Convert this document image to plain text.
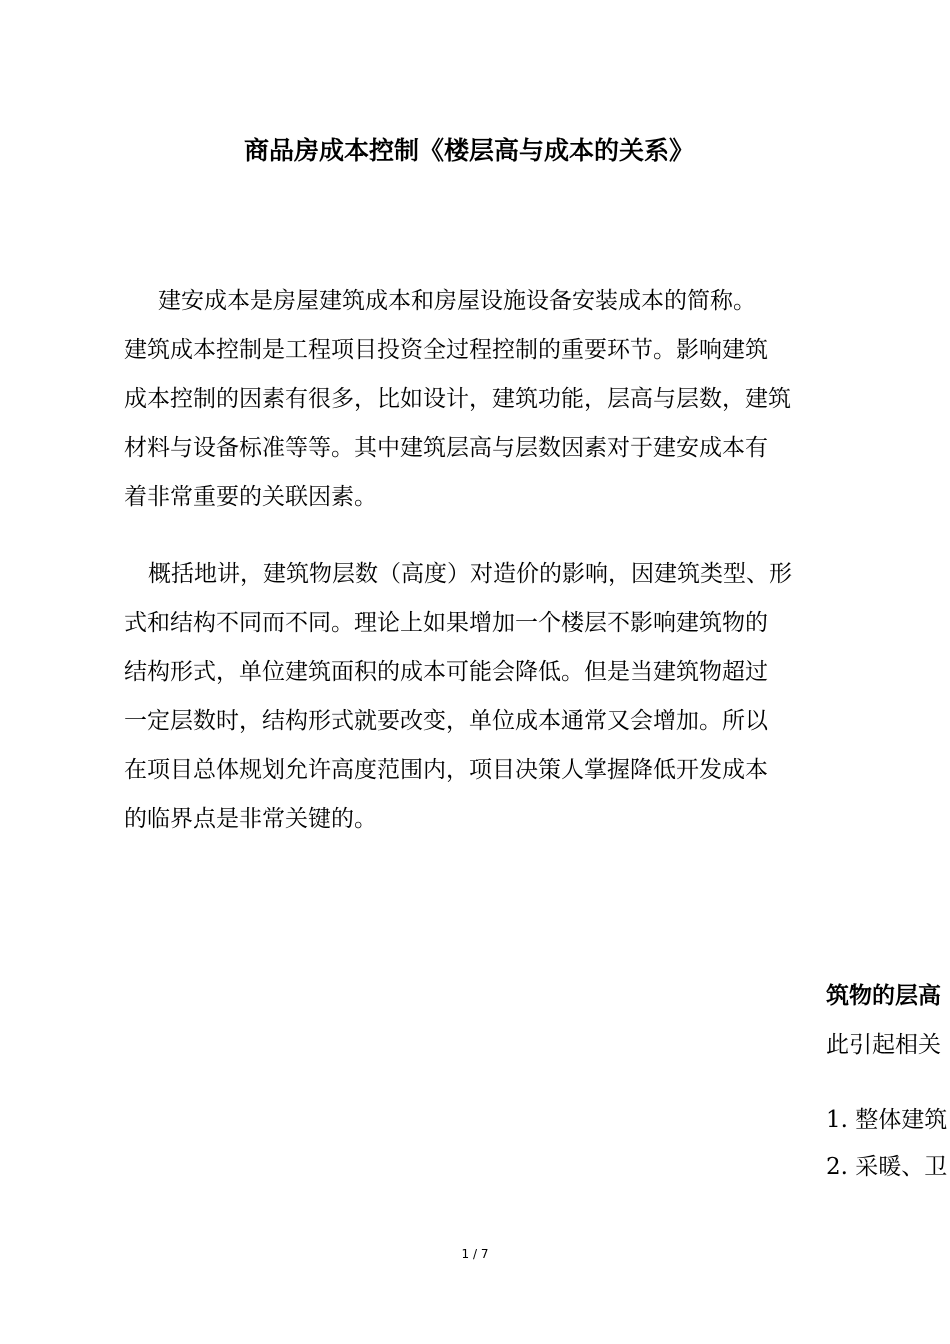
商品房成本控制《楼层高与成本的关系》

建安成本是房屋建筑成本和房屋设施设备安装成本的简称。
建筑成本控制是工程项目投资全过程控制的重要环节。影响建筑
成本控制的因素有很多，比如设计，建筑功能，层高与层数，建筑
材料与设备标准等等。其中建筑层高与层数因素对于建安成本有
着非常重要的关联因素。

概括地讲，建筑物层数（高度）对造价的影响，因建筑类型、形
式和结构不同而不同。理论上如果增加一个楼层不影响建筑物的
结构形式，单位建筑面积的成本可能会降低。但是当建筑物超过
一定层数时，结构形式就要改变，单位成本通常又会增加。所以
在项目总体规划允许高度范围内，项目决策人掌握降低开发成本
的临界点是非常关键的。

筑物的层高
此引起相关
1. 整体建筑
2. 采暖、卫
1 / 7
